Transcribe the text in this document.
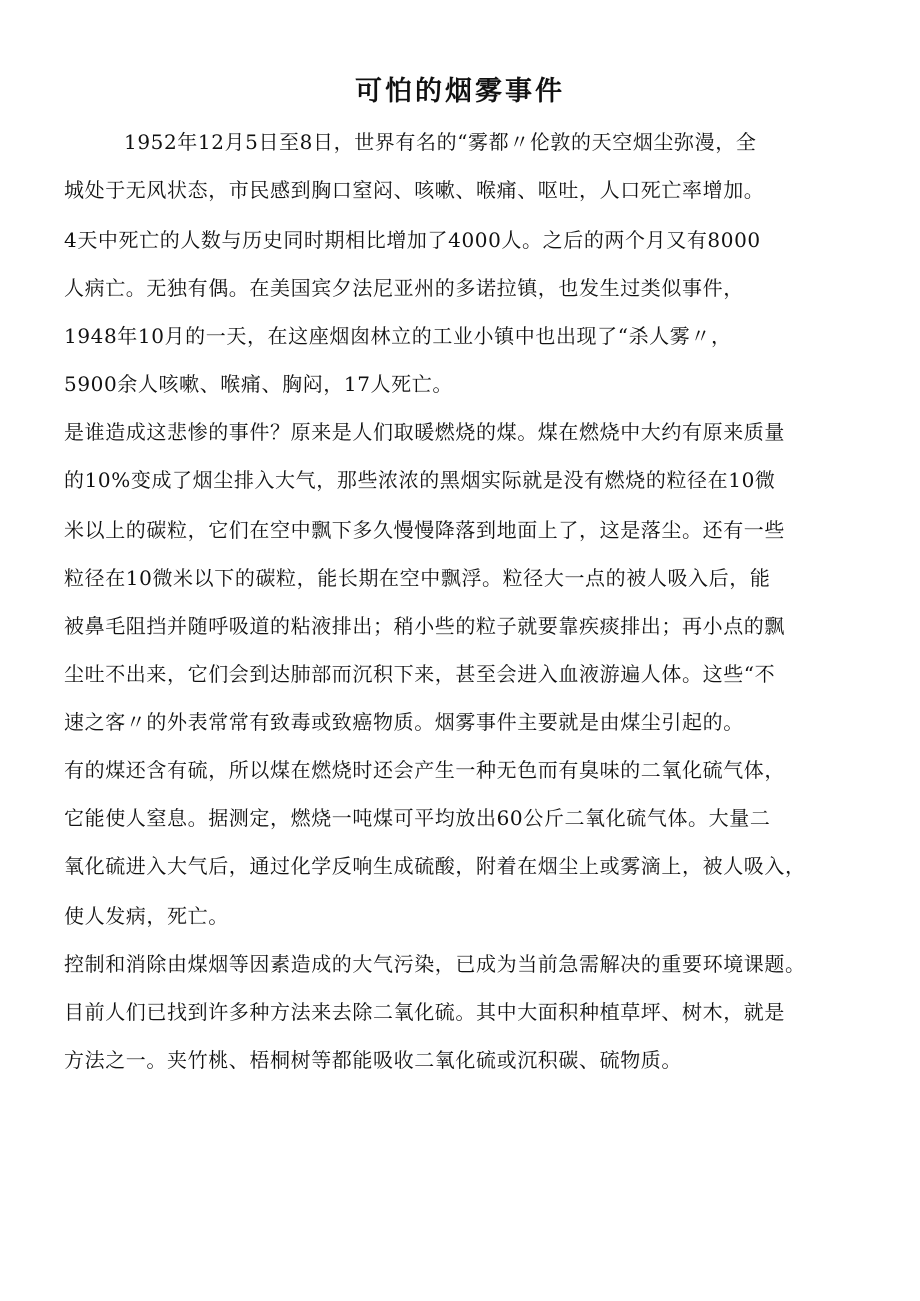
可怕的烟雾事件
1952年12月5日至8日，世界有名的“雾都〃伦敦的天空烟尘弥漫，全
城处于无风状态，市民感到胸口窒闷、咳嗽、喉痛、呕吐，人口死亡率增加。
4天中死亡的人数与历史同时期相比增加了4000人。之后的两个月又有8000
人病亡。无独有偶。在美国宾夕法尼亚州的多诺拉镇，也发生过类似事件，
1948年10月的一天，在这座烟囱林立的工业小镇中也出现了“杀人雾〃，
5900余人咳嗽、喉痛、胸闷，17人死亡。
是谁造成这悲惨的事件？原来是人们取暖燃烧的煤。煤在燃烧中大约有原来质量
的10%变成了烟尘排入大气，那些浓浓的黑烟实际就是没有燃烧的粒径在10微
米以上的碳粒，它们在空中飘下多久慢慢降落到地面上了，这是落尘。还有一些
粒径在10微米以下的碳粒，能长期在空中飘浮。粒径大一点的被人吸入后，能
被鼻毛阻挡并随呼吸道的粘液排出；稍小些的粒子就要靠疾痰排出；再小点的飘
尘吐不出来，它们会到达肺部而沉积下来，甚至会进入血液游遍人体。这些“不
速之客〃的外表常常有致毒或致癌物质。烟雾事件主要就是由煤尘引起的。
有的煤还含有硫，所以煤在燃烧时还会产生一种无色而有臭味的二氧化硫气体，
它能使人窒息。据测定，燃烧一吨煤可平均放出60公斤二氧化硫气体。大量二
氧化硫进入大气后，通过化学反响生成硫酸，附着在烟尘上或雾滴上，被人吸入，
使人发病，死亡。
控制和消除由煤烟等因素造成的大气污染，已成为当前急需解决的重要环境课题。
目前人们已找到许多种方法来去除二氧化硫。其中大面积种植草坪、树木，就是
方法之一。夹竹桃、梧桐树等都能吸收二氧化硫或沉积碳、硫物质。
